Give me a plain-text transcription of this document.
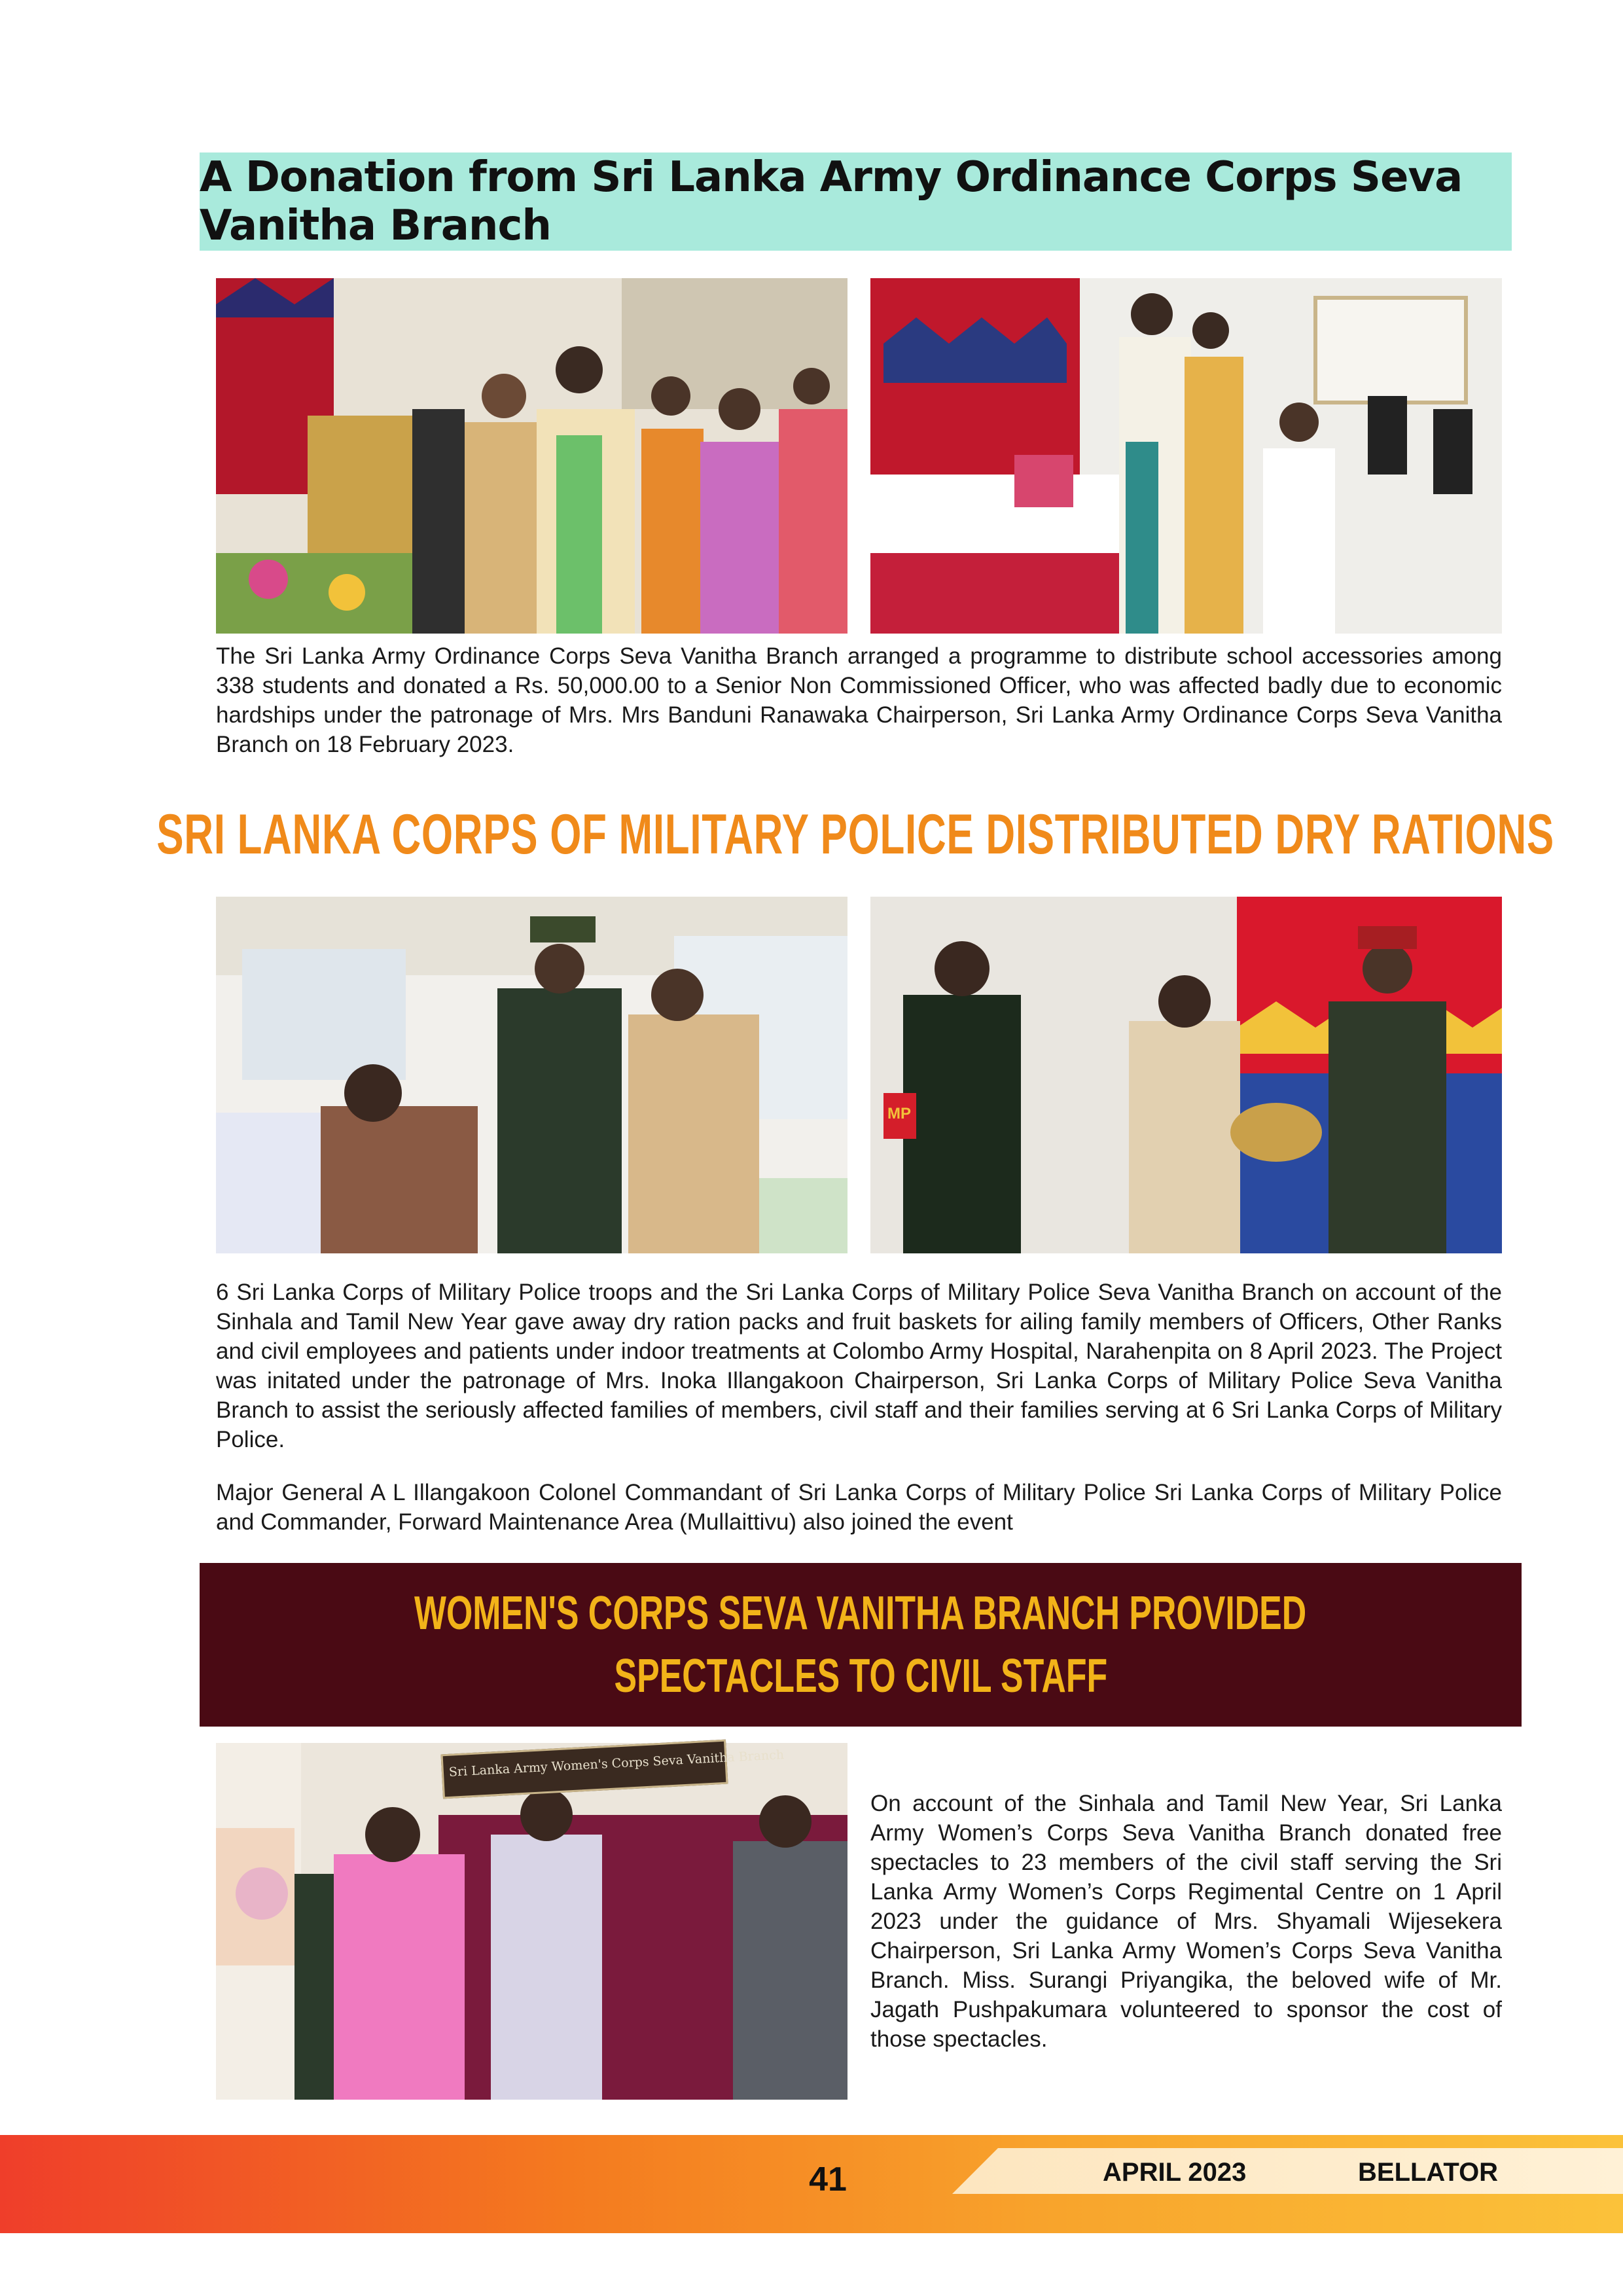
A Donation from Sri Lanka Army Ordinance Corps Seva Vanitha Branch

The Sri Lanka Army Ordinance Corps Seva Vanitha Branch arranged a programme to distribute school accessories among 338 students and donated a Rs. 50,000.00 to a Senior Non Commissioned Officer, who was affected badly due to economic hardships under the patronage of Mrs. Mrs Banduni Ranawaka Chairperson, Sri Lanka Army Ordinance Corps Seva Vanitha Branch on 18 February 2023.

SRI LANKA CORPS OF MILITARY POLICE DISTRIBUTED DRY RATIONS
MP

6 Sri Lanka Corps of Military Police troops and the Sri Lanka Corps of Military Police Seva Vanitha Branch on account of the Sinhala and Tamil New Year gave away dry ration packs and fruit baskets for ailing family members of Officers, Other Ranks and civil employees and patients under indoor treatments at Colombo Army Hospital, Narahenpita on 8 April 2023. The Project was initated under the patronage of Mrs. Inoka Illangakoon Chairperson, Sri Lanka Corps of Military Police Seva Vanitha Branch to assist the seriously affected families of members, civil staff and their families serving at 6 Sri Lanka Corps of Military Police.

Major General A L Illangakoon Colonel Commandant of Sri Lanka Corps of Military Police Sri Lanka Corps of Military Police and Commander, Forward Maintenance Area (Mullaittivu) also joined the event

WOMEN'S CORPS SEVA VANITHA BRANCH PROVIDED
SPECTACLES TO CIVIL STAFF
Sri Lanka Army Women's Corps Seva Vanitha Branch

On account of the Sinhala and Tamil New Year, Sri Lanka Army Women’s Corps Seva Vanitha Branch donated free spectacles to 23 members of the civil staff serving the Sri Lanka Army Women’s Corps Regimental Centre on 1 April 2023 under the guidance of Mrs. Shyamali Wijesekera Chairperson, Sri Lanka Army Women’s Corps Seva Vanitha Branch. Miss. Surangi Priyangika, the beloved wife of Mr. Jagath Pushpakumara volunteered to sponsor the cost of those spectacles.

41	APRIL 2023	BELLATOR
